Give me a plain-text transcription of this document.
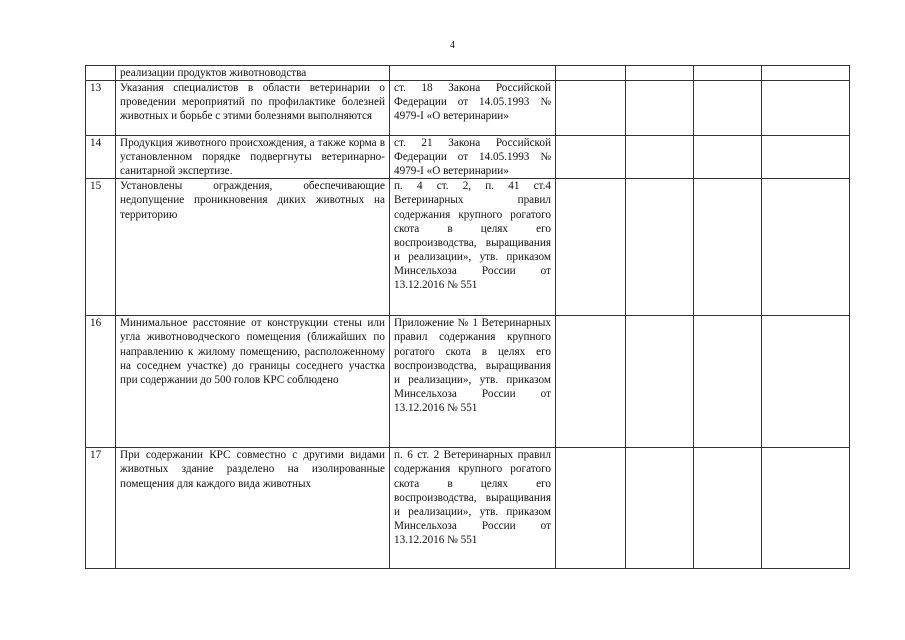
4
	реализации продуктов животноводства					
13	Указания специалистов в области ветеринарии о проведении мероприятий по профилактике болезней животных и борьбе с этими болезнями выполняются	ст. 18 Закона Российской Федерации от 14.05.1993 № 4979-I «О ветеринарии»				
14	Продукция животного происхождения, а также корма в установленном порядке подвергнуты ветеринарно-санитарной экспертизе.	ст. 21 Закона Российской Федерации от 14.05.1993 № 4979-I «О ветеринарии»				
15	Установлены ограждения, обеспечивающие недопущение проникновения диких животных на территорию	п. 4 ст. 2, п. 41 ст.4 Ветеринарных правил содержания крупного рогатого скота в целях его воспроизводства, выращивания и реализации», утв. приказом Минсельхоза России от 13.12.2016 № 551				
16	Минимальное расстояние от конструкции стены или угла животноводческого помещения (ближайших по направлению к жилому помещению, расположенному на соседнем участке) до границы соседнего участка при содержании до 500 голов КРС соблюдено	Приложение № 1 Ветеринарных правил содержания крупного рогатого скота в целях его воспроизводства, выращивания и реализации», утв. приказом Минсельхоза России от 13.12.2016 № 551				
17	При содержании КРС совместно с другими видами животных здание разделено на изолированные помещения для каждого вида животных	п. 6 ст. 2 Ветеринарных правил содержания крупного рогатого скота в целях его воспроизводства, выращивания и реализации», утв. приказом Минсельхоза России от 13.12.2016 № 551				
